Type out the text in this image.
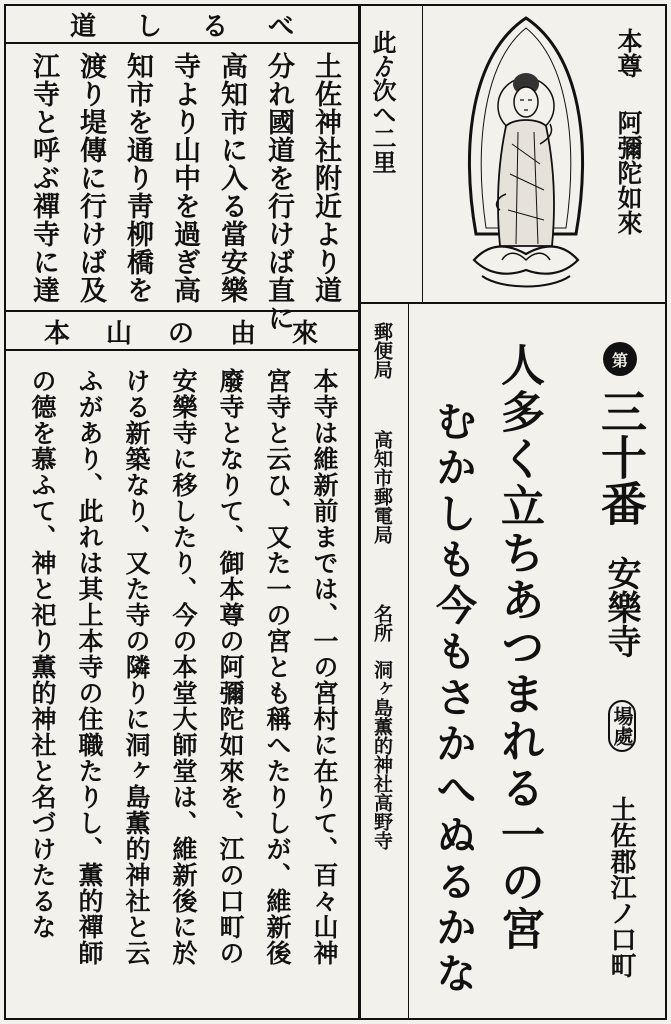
道しるべ
土佐神社附近より道
分れ國道を行けば直に
高知市に入る當安樂
寺より山中を過ぎ高
知市を通り靑柳橋を
渡り堤傳に行けば及
江寺と呼ぶ禪寺に達
本山の由來
本寺は維新前までは、一の宮村に在りて、百々山神
宮寺と云ひ、又た一の宮とも稱へたりしが、維新後
廢寺となりて、御本尊の阿彌陀如來を、江の口町の
安樂寺に移したり、今の本堂大師堂は、維新後に於
ける新築なり、又た寺の隣りに洞ヶ島薫的神社と云
ふがあり、此れは其上本寺の住職たりし、薫的禪師
の德を慕ふて、神と祀り薫的神社と名づけたるな
此ゟ次へ二里	本尊
阿彌陀如來
第
三十番
安樂寺
場處
土佐郡江ノ口町
人多く立ちあつまれる一の宮
むかしも今もさかへぬるかな
郵便局
高知市郵電局
名所
洞ヶ島薫的神社高野寺
